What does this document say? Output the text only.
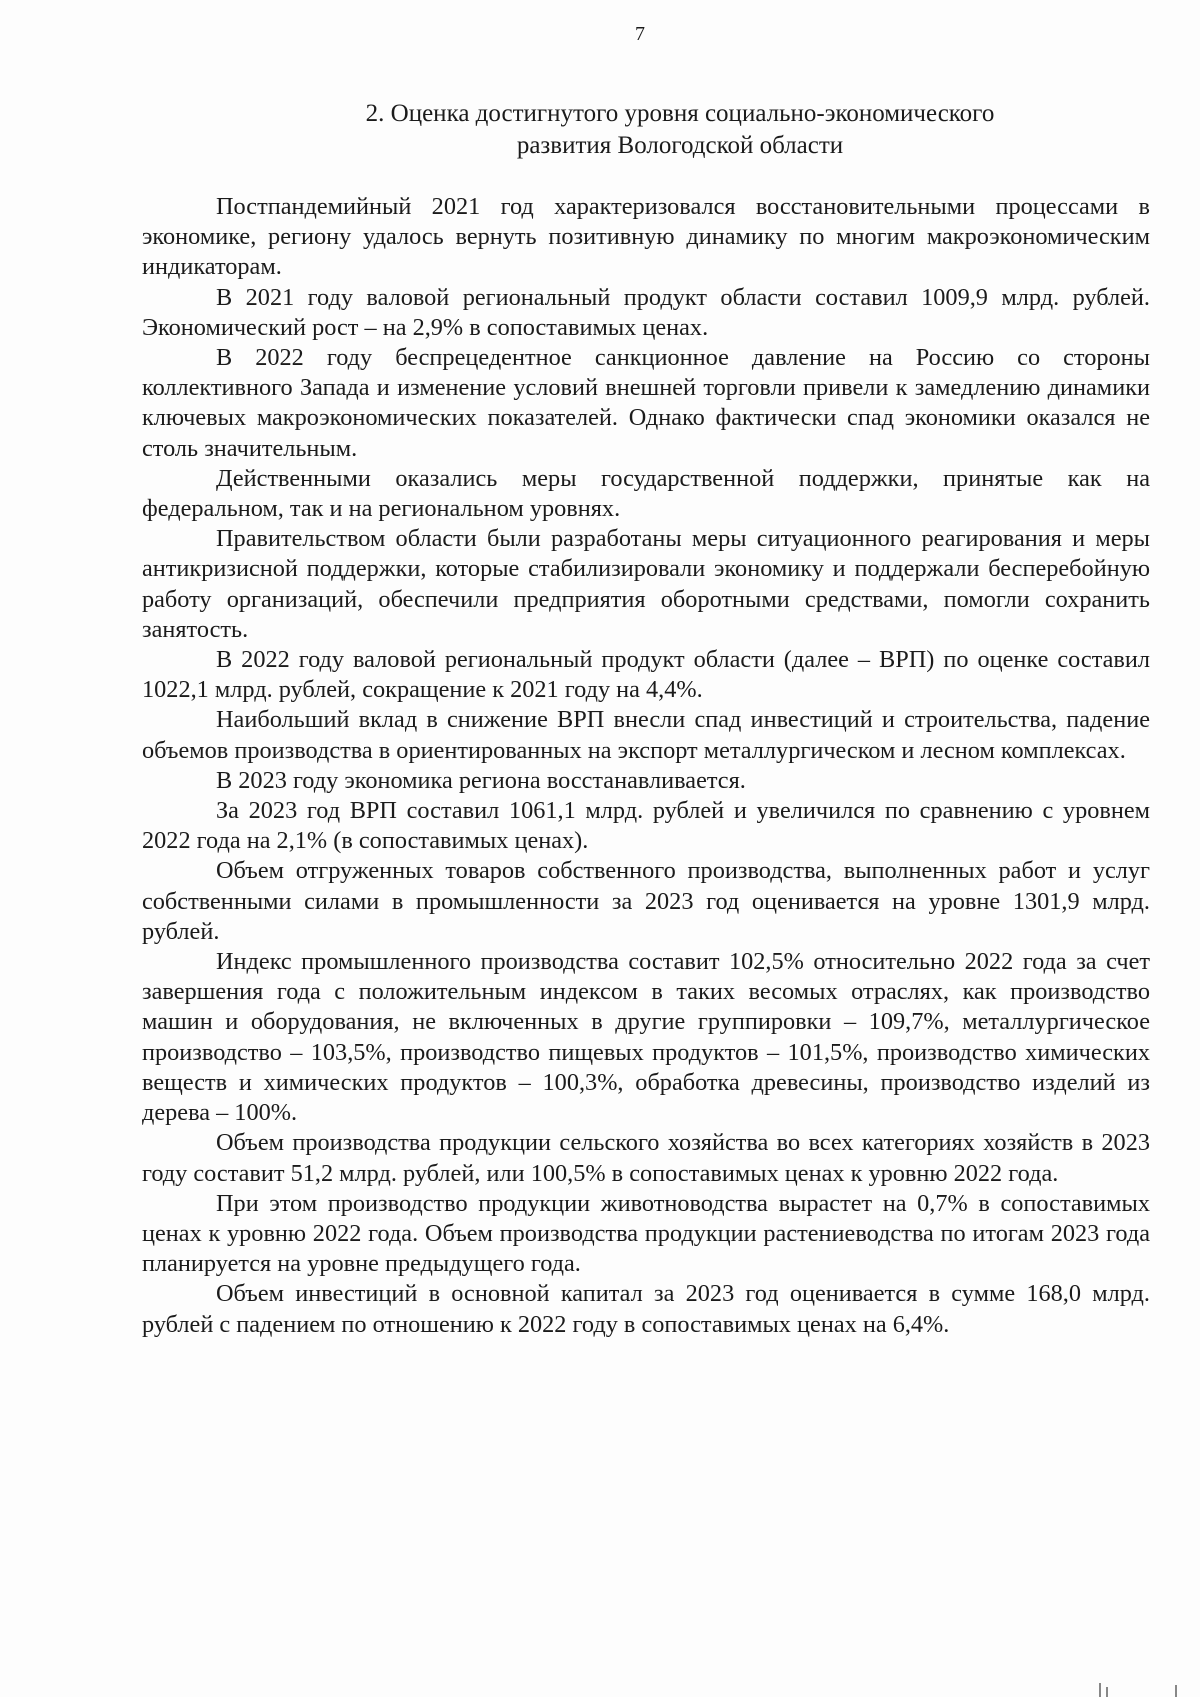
7
2. Оценка достигнутого уровня социально-экономического
развития Вологодской области

Постпандемийный 2021 год характеризовался восстановительными процессами в экономике, региону удалось вернуть позитивную динамику по многим макроэкономическим индикаторам.

В 2021 году валовой региональный продукт области составил 1009,9 млрд. рублей. Экономический рост – на 2,9% в сопоставимых ценах.

В 2022 году беспрецедентное санкционное давление на Россию со стороны коллективного Запада и изменение условий внешней торговли привели к замедлению динамики ключевых макроэкономических показателей. Однако фактически спад экономики оказался не столь значительным.

Действенными оказались меры государственной поддержки, принятые как на федеральном, так и на региональном уровнях.

Правительством области были разработаны меры ситуационного реагирования и меры антикризисной поддержки, которые стабилизировали экономику и поддержали бесперебойную работу организаций, обеспечили предприятия оборотными средствами, помогли сохранить занятость.

В 2022 году валовой региональный продукт области (далее – ВРП) по оценке составил 1022,1 млрд. рублей, сокращение к 2021 году на 4,4%.

Наибольший вклад в снижение ВРП внесли спад инвестиций и строительства, падение объемов производства в ориентированных на экспорт металлургическом и лесном комплексах.

В 2023 году экономика региона восстанавливается.

За 2023 год ВРП составил 1061,1 млрд. рублей и увеличился по сравнению с уровнем 2022 года на 2,1% (в сопоставимых ценах).

Объем отгруженных товаров собственного производства, выполненных работ и услуг собственными силами в промышленности за 2023 год оценивается на уровне 1301,9 млрд. рублей.

Индекс промышленного производства составит 102,5% относительно 2022 года за счет завершения года с положительным индексом в таких весомых отраслях, как производство машин и оборудования, не включенных в другие группировки – 109,7%, металлургическое производство – 103,5%, производство пищевых продуктов – 101,5%, производство химических веществ и химических продуктов – 100,3%, обработка древесины, производство изделий из дерева – 100%.

Объем производства продукции сельского хозяйства во всех категориях хозяйств в 2023 году составит 51,2 млрд. рублей, или 100,5% в сопоставимых ценах к уровню 2022 года.

При этом производство продукции животноводства вырастет на 0,7% в сопоставимых ценах к уровню 2022 года. Объем производства продукции растениеводства по итогам 2023 года планируется на уровне предыдущего года.

Объем инвестиций в основной капитал за 2023 год оценивается в сумме 168,0 млрд. рублей с падением по отношению к 2022 году в сопоставимых ценах на 6,4%.
